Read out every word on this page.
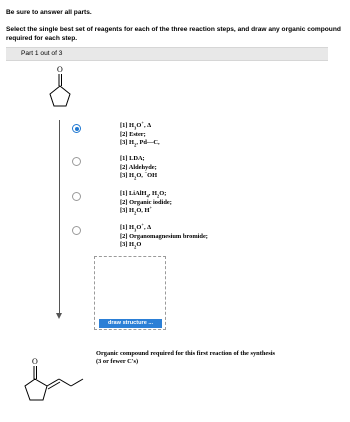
Be sure to answer all parts.
Select the single best set of reagents for each of the three reaction steps, and draw any organic compound required for each step.
Part 1 out of 3
O
[1] $H_3O^+$, Δ
[2] Ester;
[3] $H_2$, Pd—C,
[1] LDA;
[2] Aldehyde;
[3] $H_2O$, −OH
[1] LiAlH$_4$, $H_2O$;
[2] Organic iodide;
[3] $H_2O$, H+
[1] $H_3O^+$, Δ
[2] Organomagnesium bromide;
[3] $H_2O$
draw structure ...
Organic compound required for this first reaction of the synthesis (3 or fewer C's)
O
